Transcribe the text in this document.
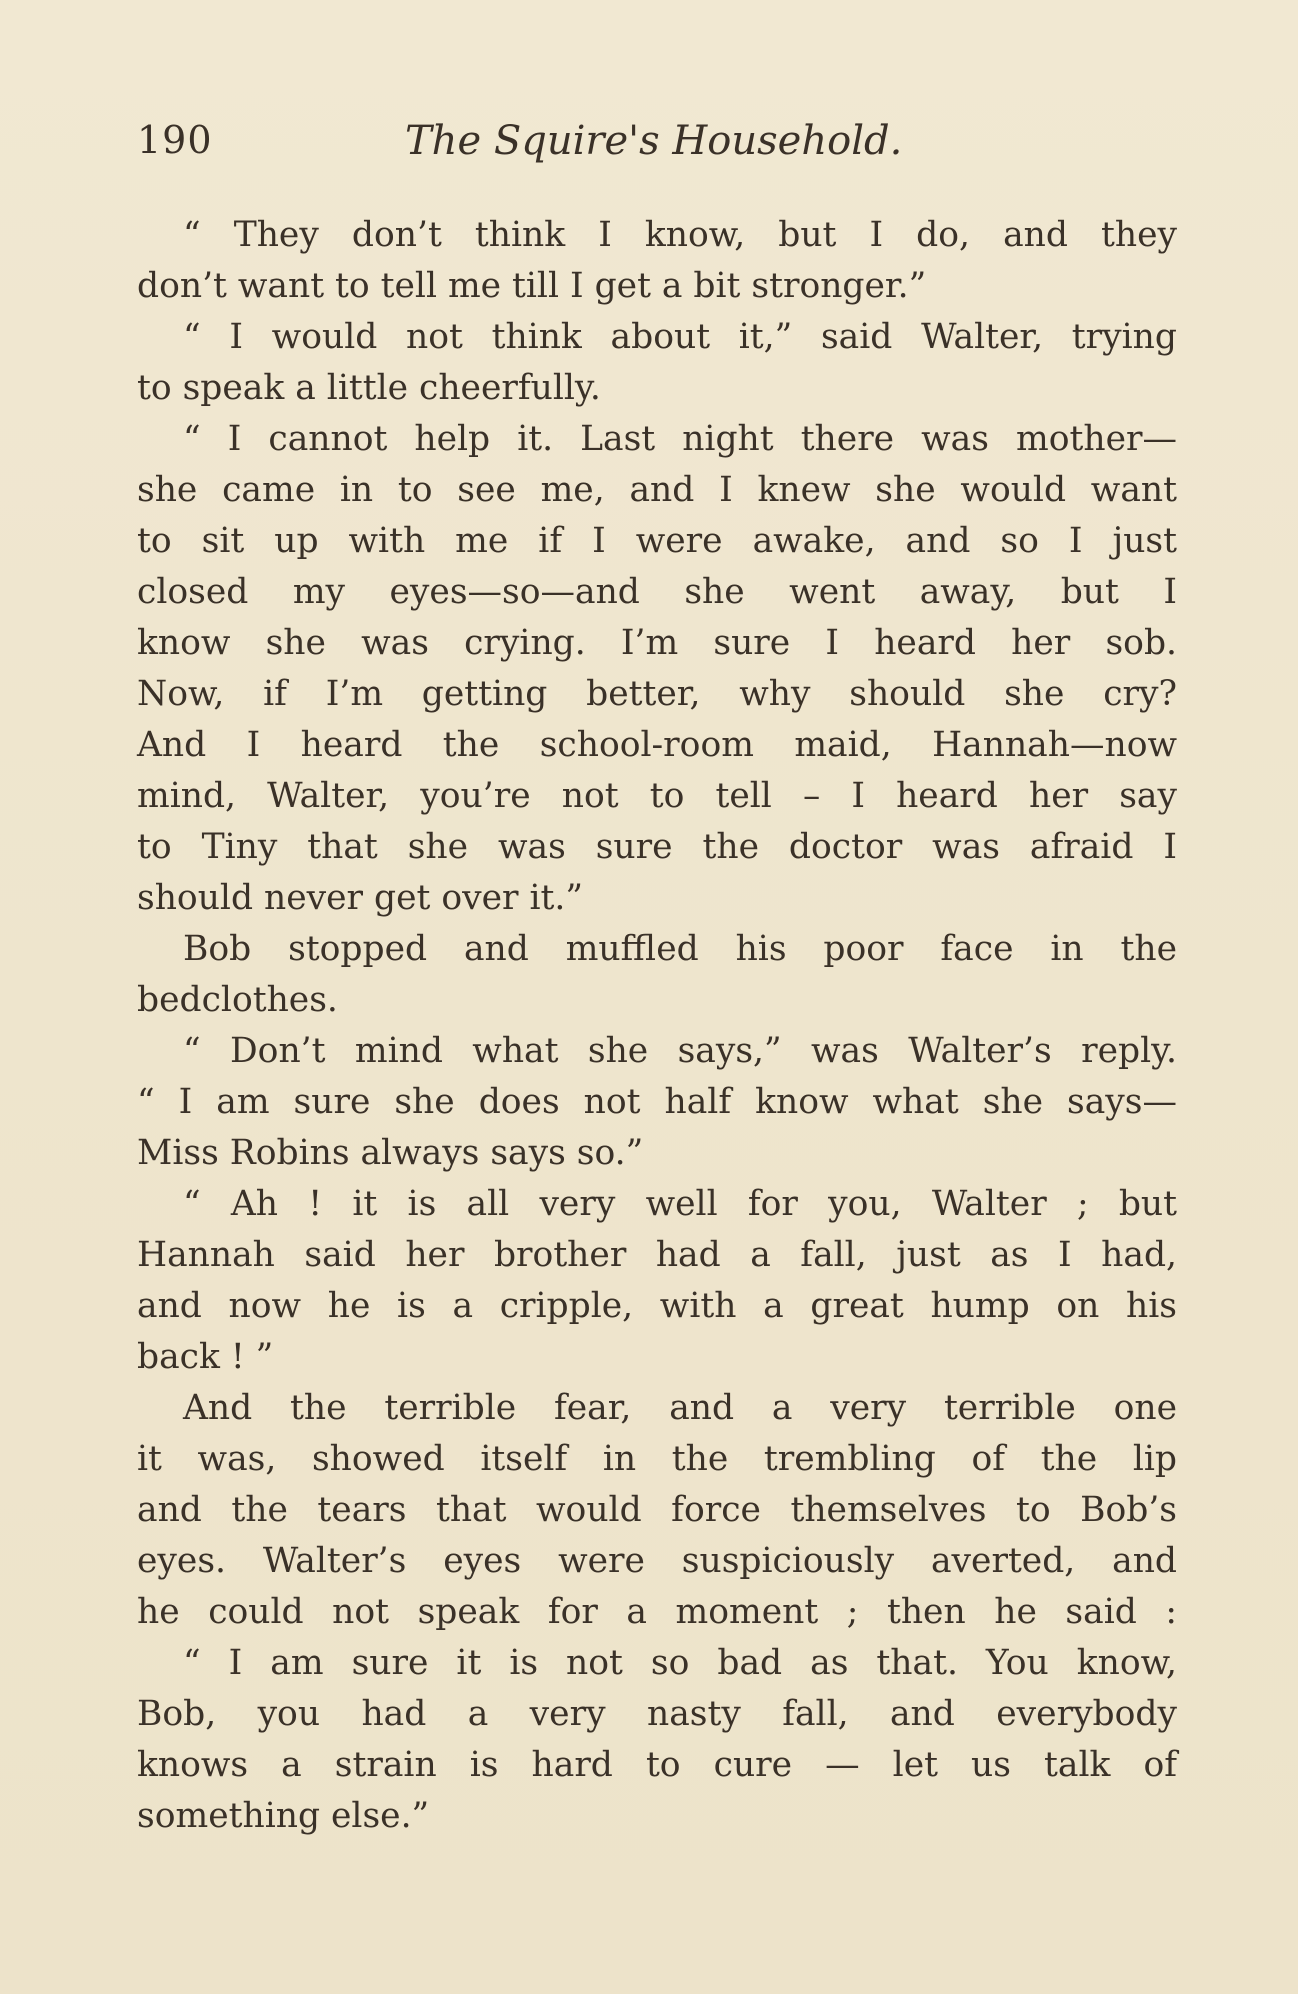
190	The Squire's Household.
“ They don’t think I know, but I do, and they
don’t want to tell me till I get a bit stronger.”
“ I would not think about it,” said Walter, trying
to speak a little cheerfully.
“ I cannot help it. Last night there was mother—
she came in to see me, and I knew she would want
to sit up with me if I were awake, and so I just
closed my eyes—so—and she went away, but I
know she was crying. I’m sure I heard her sob.
Now, if I’m getting better, why should she cry?
And I heard the school-room maid, Hannah—now
mind, Walter, you’re not to tell – I heard her say
to Tiny that she was sure the doctor was afraid I
should never get over it.”
Bob stopped and muffled his poor face in the
bedclothes.
“ Don’t mind what she says,” was Walter’s reply.
“ I am sure she does not half know what she says—
Miss Robins always says so.”
“ Ah ! it is all very well for you, Walter ; but
Hannah said her brother had a fall, just as I had,
and now he is a cripple, with a great hump on his
back ! ”
And the terrible fear, and a very terrible one
it was, showed itself in the trembling of the lip
and the tears that would force themselves to Bob’s
eyes. Walter’s eyes were suspiciously averted, and
he could not speak for a moment ; then he said :
“ I am sure it is not so bad as that. You know,
Bob, you had a very nasty fall, and everybody
knows a strain is hard to cure — let us talk of
something else.”
